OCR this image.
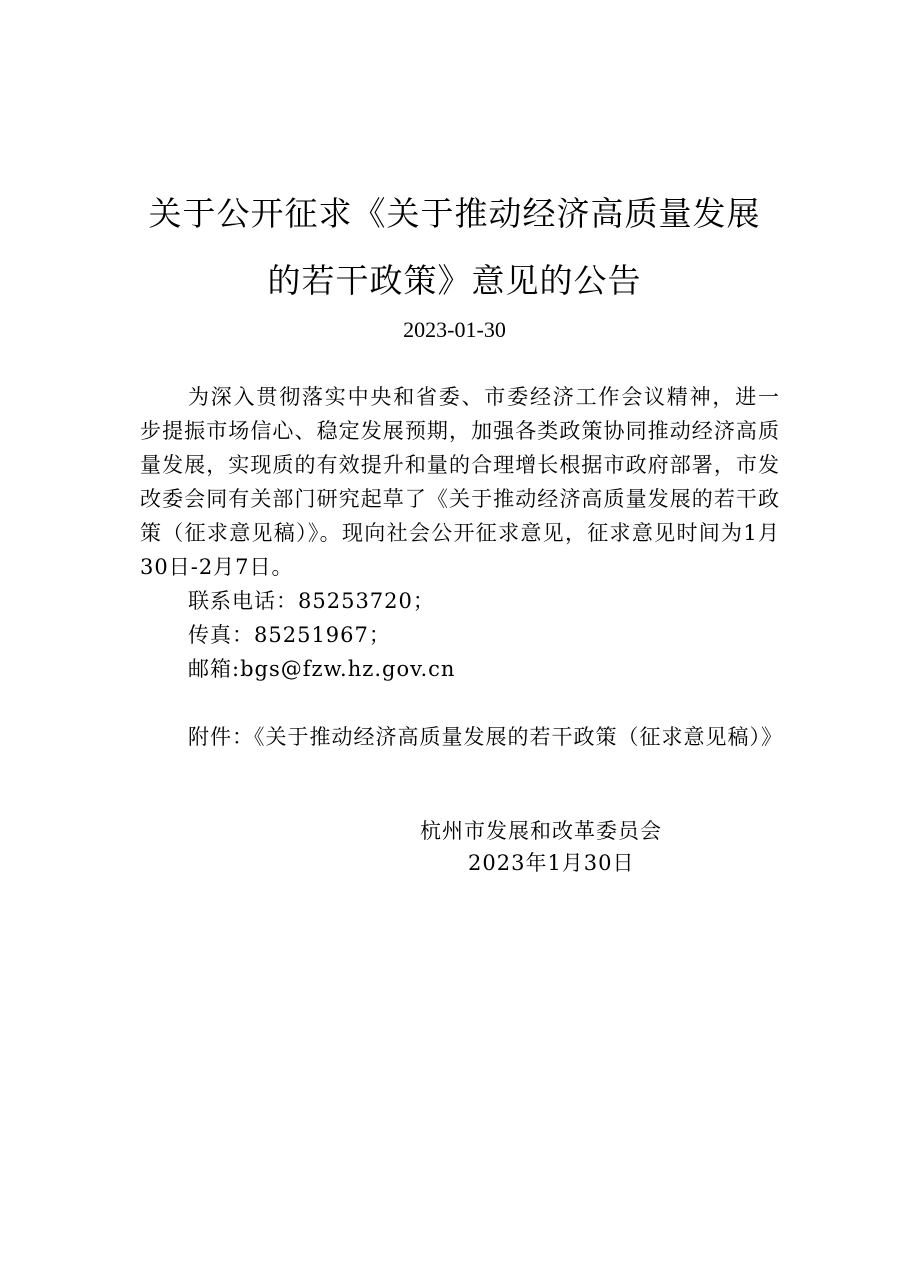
关于公开征求《关于推动经济高质量发展
的若干政策》意见的公告
2023-01-30

为深入贯彻落实中央和省委、市委经济工作会议精神，进一步提振市场信心、稳定发展预期，加强各类政策协同推动经济高质量发展，实现质的有效提升和量的合理增长根据市政府部署，市发改委会同有关部门研究起草了《关于推动经济高质量发展的若干政策（征求意见稿）》。现向社会公开征求意见，征求意见时间为1月30日-2月7日。

联系电话：85253720；

传真：85251967；

邮箱:bgs@fzw.hz.gov.cn

附件：《关于推动经济高质量发展的若干政策（征求意见稿）》

杭州市发展和改革委员会
2023年1月30日
